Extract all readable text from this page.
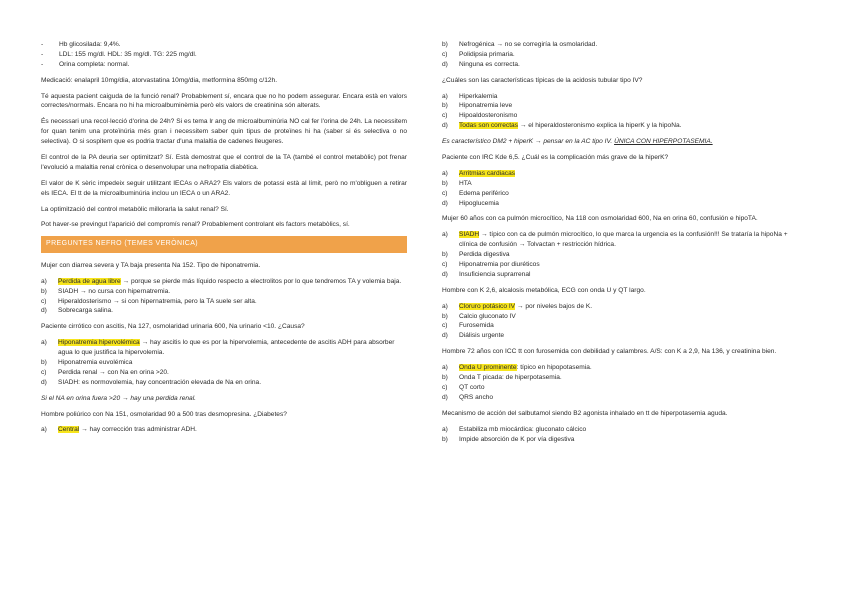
-	Hb glicosilada: 9,4%.
-	LDL: 155 mg/dl. HDL: 35 mg/dl. TG: 225 mg/dl.
-	Orina completa: normal.

Medicació: enalapril 10mg/dia, atorvastatina 10mg/dia, metformina 850mg c/12h.

Té aquesta pacient caiguda de la funció renal? Probablement sí, encara que no ho podem assegurar. Encara està en valors correctes/normals. Encara no hi ha microalbuminèmia però els valors de creatinina són alterats.

És necessari una recol·lecció d'orina de 24h? Si es tema lr ang de microalbuminúria NO cal fer l'orina de 24h. La necessitem for quan tenim una proteïnúria més gran i necessitem saber quin tipus de proteïnes hi ha (saber si és selectiva o no selectiva). O si sospitem que es podria tractar d'una malaltia de cadenes lleugeres.

El control de la PA deuria ser optimitzat? Sí. Està demostrat que el control de la TA (també el control metabòlic) pot frenar l'evolució a malaltia renal crònica o desenvolupar una nefropatia diabètica.

El valor de K sèric impedeix seguir utilitzant IECAs o ARA2? Els valors de potassi està al límit, però no m'obliguen a retirar els IECA. El tt de la microalbuminúria inclou un IECA o un ARA2.

La optimització del control metabòlic millorarla la salut renal? Sí.

Pot haver-se previngut l'aparició del compromís renal? Probablement controlant els factors metabòlics, sí.

PREGUNTES NEFRO (TEMES VERÒNICA)

Mujer con diarrea severa y TA baja presenta Na 152. Tipo de hiponatremia.

a)	Perdida de agua libre → porque se pierde más líquido respecto a electrolitos por lo que tendremos TA y volemia baja.
b)	SIADH → no cursa con hipernatremia.
c)	Hiperaldosterismo → si con hipernatremia, pero la TA suele ser alta.
d)	Sobrecarga salina.

Paciente cirrótico con ascitis, Na 127, osmolaridad urinaria 600, Na urinario <10. ¿Causa?

a)	Hiponatremia hipervolémica → hay ascitis lo que es por la hipervolemia, antecedente de ascitis ADH para absorber agua lo que justifica la hipervolemia.
b)	Hiponatremia euvolémica
c)	Perdida renal → con Na en orina >20.
d)	SIADH: es normovolemia, hay concentración elevada de Na en orina.

Si el NA en orina fuera >20 → hay una perdida renal.

Hombre poliúrico con Na 151, osmolaridad 90 a 500 tras desmopresina. ¿Diabetes?

a)	Central → hay corrección tras administrar ADH.
b)	Nefrogénica → no se corregiría la osmolaridad.
c)	Polidipsia primaria.
d)	Ninguna es correcta.

¿Cuáles son las características típicas de la acidosis tubular tipo IV?

a)	Hiperkalemia
b)	Hiponatremia leve
c)	Hipoaldosteronismo
d)	Todas son correctas → el hiperaldosteronismo explica la hiperK y la hipoNa.

Es característico DM2 + hiperK → pensar en la AC tipo IV. ÚNICA CON HIPERPOTASEMIA.

Paciente con IRC Kde 6,5. ¿Cuál es la complicación más grave de la hiperK?

a)	Arritmias cardiacas
b)	HTA
c)	Edema periférico
d)	Hipoglucemia

Mujer 60 años con ca pulmón microcítico, Na 118 con osmolaridad 600, Na en orina 60, confusión e hipoTA.

a)	SIADH → típico con ca de pulmón microcítico, lo que marca la urgencia es la confusión!!! Se trataría la hipoNa + clínica de confusión → Tolvactan + restricción hídrica.
b)	Perdida digestiva
c)	Hiponatremia por diuréticos
d)	Insuficiencia suprarrenal

Hombre con K 2,6, alcalosis metabólica, ECG con onda U y QT largo.

a)	Cloruro potásico IV → por niveles bajos de K.
b)	Calcio gluconato IV
c)	Furosemida
d)	Diálisis urgente

Hombre 72 años con ICC tt con furosemida con debilidad y calambres. A/S: con K a 2,9, Na 136, y creatinina bien.

a)	Onda U prominente: típico en hipopotasemia.
b)	Onda T picada: de hiperpotasemia.
c)	QT corto
d)	QRS ancho

Mecanismo de acción del salbutamol siendo B2 agonista inhalado en tt de hiperpotasemia aguda.

a)	Estabiliza mb miocárdica: gluconato cálcico
b)	Impide absorción de K por vía digestiva
